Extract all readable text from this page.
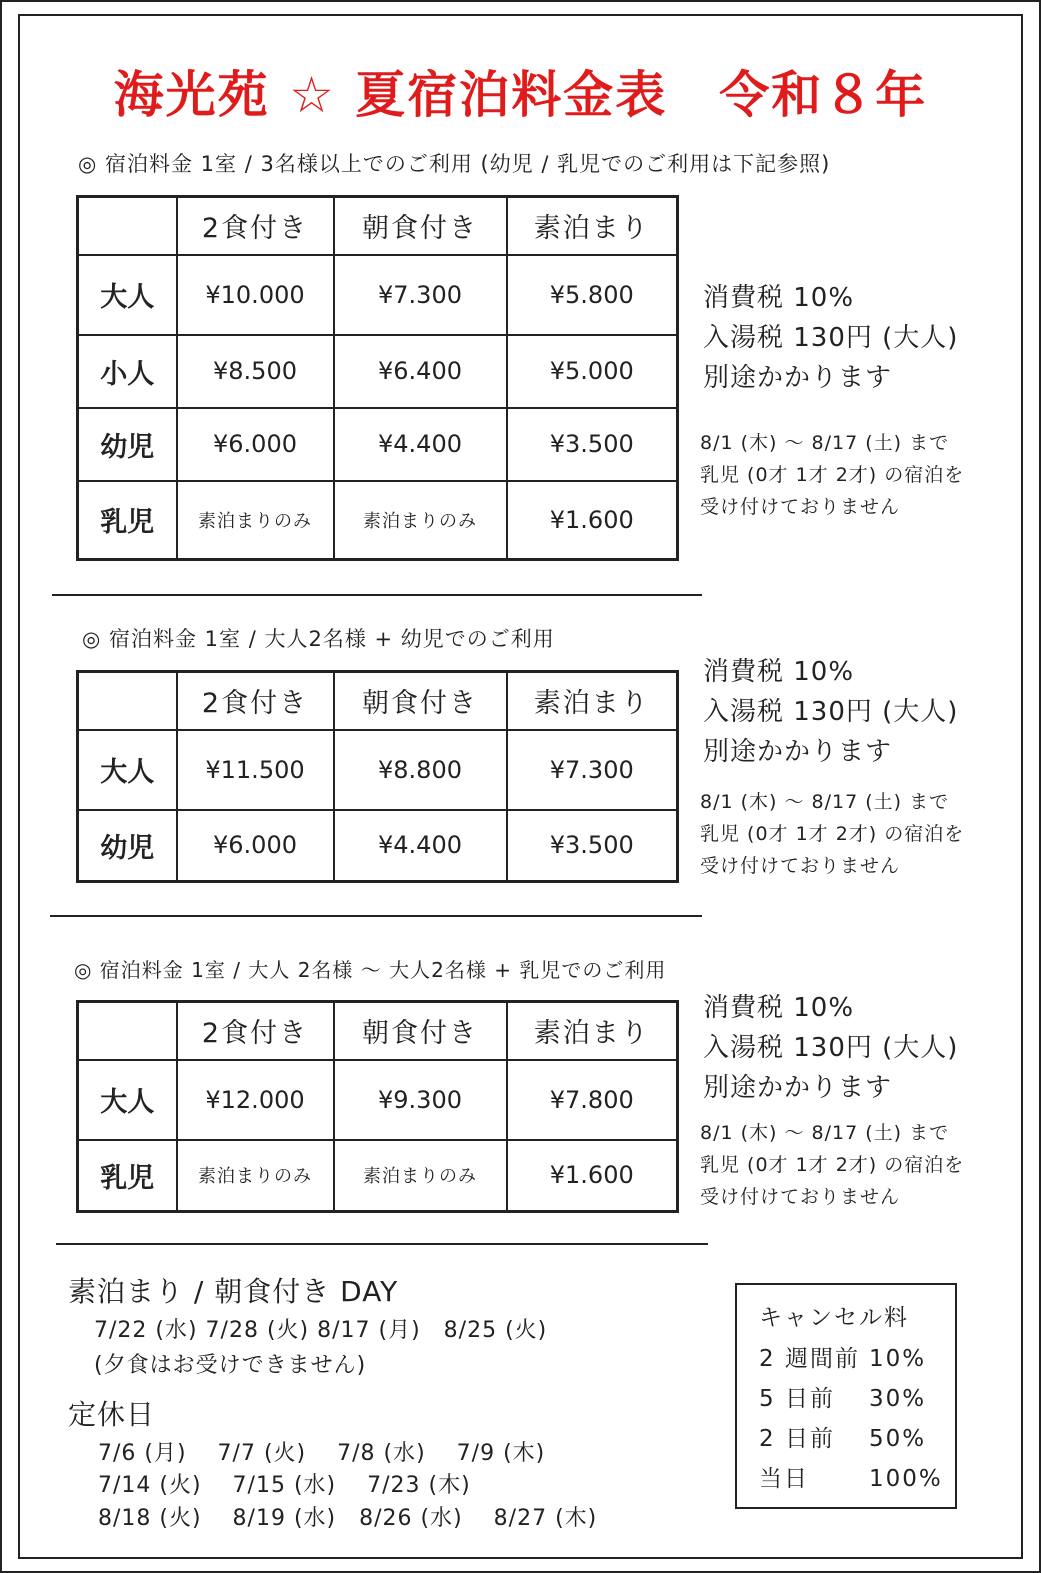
海光苑 ☆ 夏宿泊料金表　令和８年
◎ 宿泊料金 1室 / 3名様以上でのご利用 (幼児 / 乳児でのご利用は下記参照)
	2食付き	朝食付き	素泊まり
大人	¥10.000	¥7.300	¥5.800
小人	¥8.500	¥6.400	¥5.000
幼児	¥6.000	¥4.400	¥3.500
乳児	素泊まりのみ	素泊まりのみ	¥1.600
消費税 10%
入湯税 130円 (大人)
別途かかります
8/1 (木) ～ 8/17 (土) まで
乳児 (0才 1才 2才) の宿泊を
受け付けておりません
◎ 宿泊料金 1室 / 大人2名様 + 幼児でのご利用
	2食付き	朝食付き	素泊まり
大人	¥11.500	¥8.800	¥7.300
幼児	¥6.000	¥4.400	¥3.500
消費税 10%
入湯税 130円 (大人)
別途かかります
8/1 (木) ～ 8/17 (土) まで
乳児 (0才 1才 2才) の宿泊を
受け付けておりません
◎ 宿泊料金 1室 / 大人 2名様 ～ 大人2名様 + 乳児でのご利用
	2食付き	朝食付き	素泊まり
大人	¥12.000	¥9.300	¥7.800
乳児	素泊まりのみ	素泊まりのみ	¥1.600
消費税 10%
入湯税 130円 (大人)
別途かかります
8/1 (木) ～ 8/17 (土) まで
乳児 (0才 1才 2才) の宿泊を
受け付けておりません
素泊まり / 朝食付き DAY
7/22 (水) 7/28 (火) 8/17 (月)　8/25 (火)
(夕食はお受けできません)
定休日
7/6 (月)　 7/7 (火)　 7/8 (水)　 7/9 (木)
7/14 (火)　 7/15 (水)　 7/23 (木)
8/18 (火)　 8/19 (水)　8/26 (水)　 8/27 (木)
キャンセル料
2 週間前 10%
5 日前 30%
2 日前 50%
当日	100%
